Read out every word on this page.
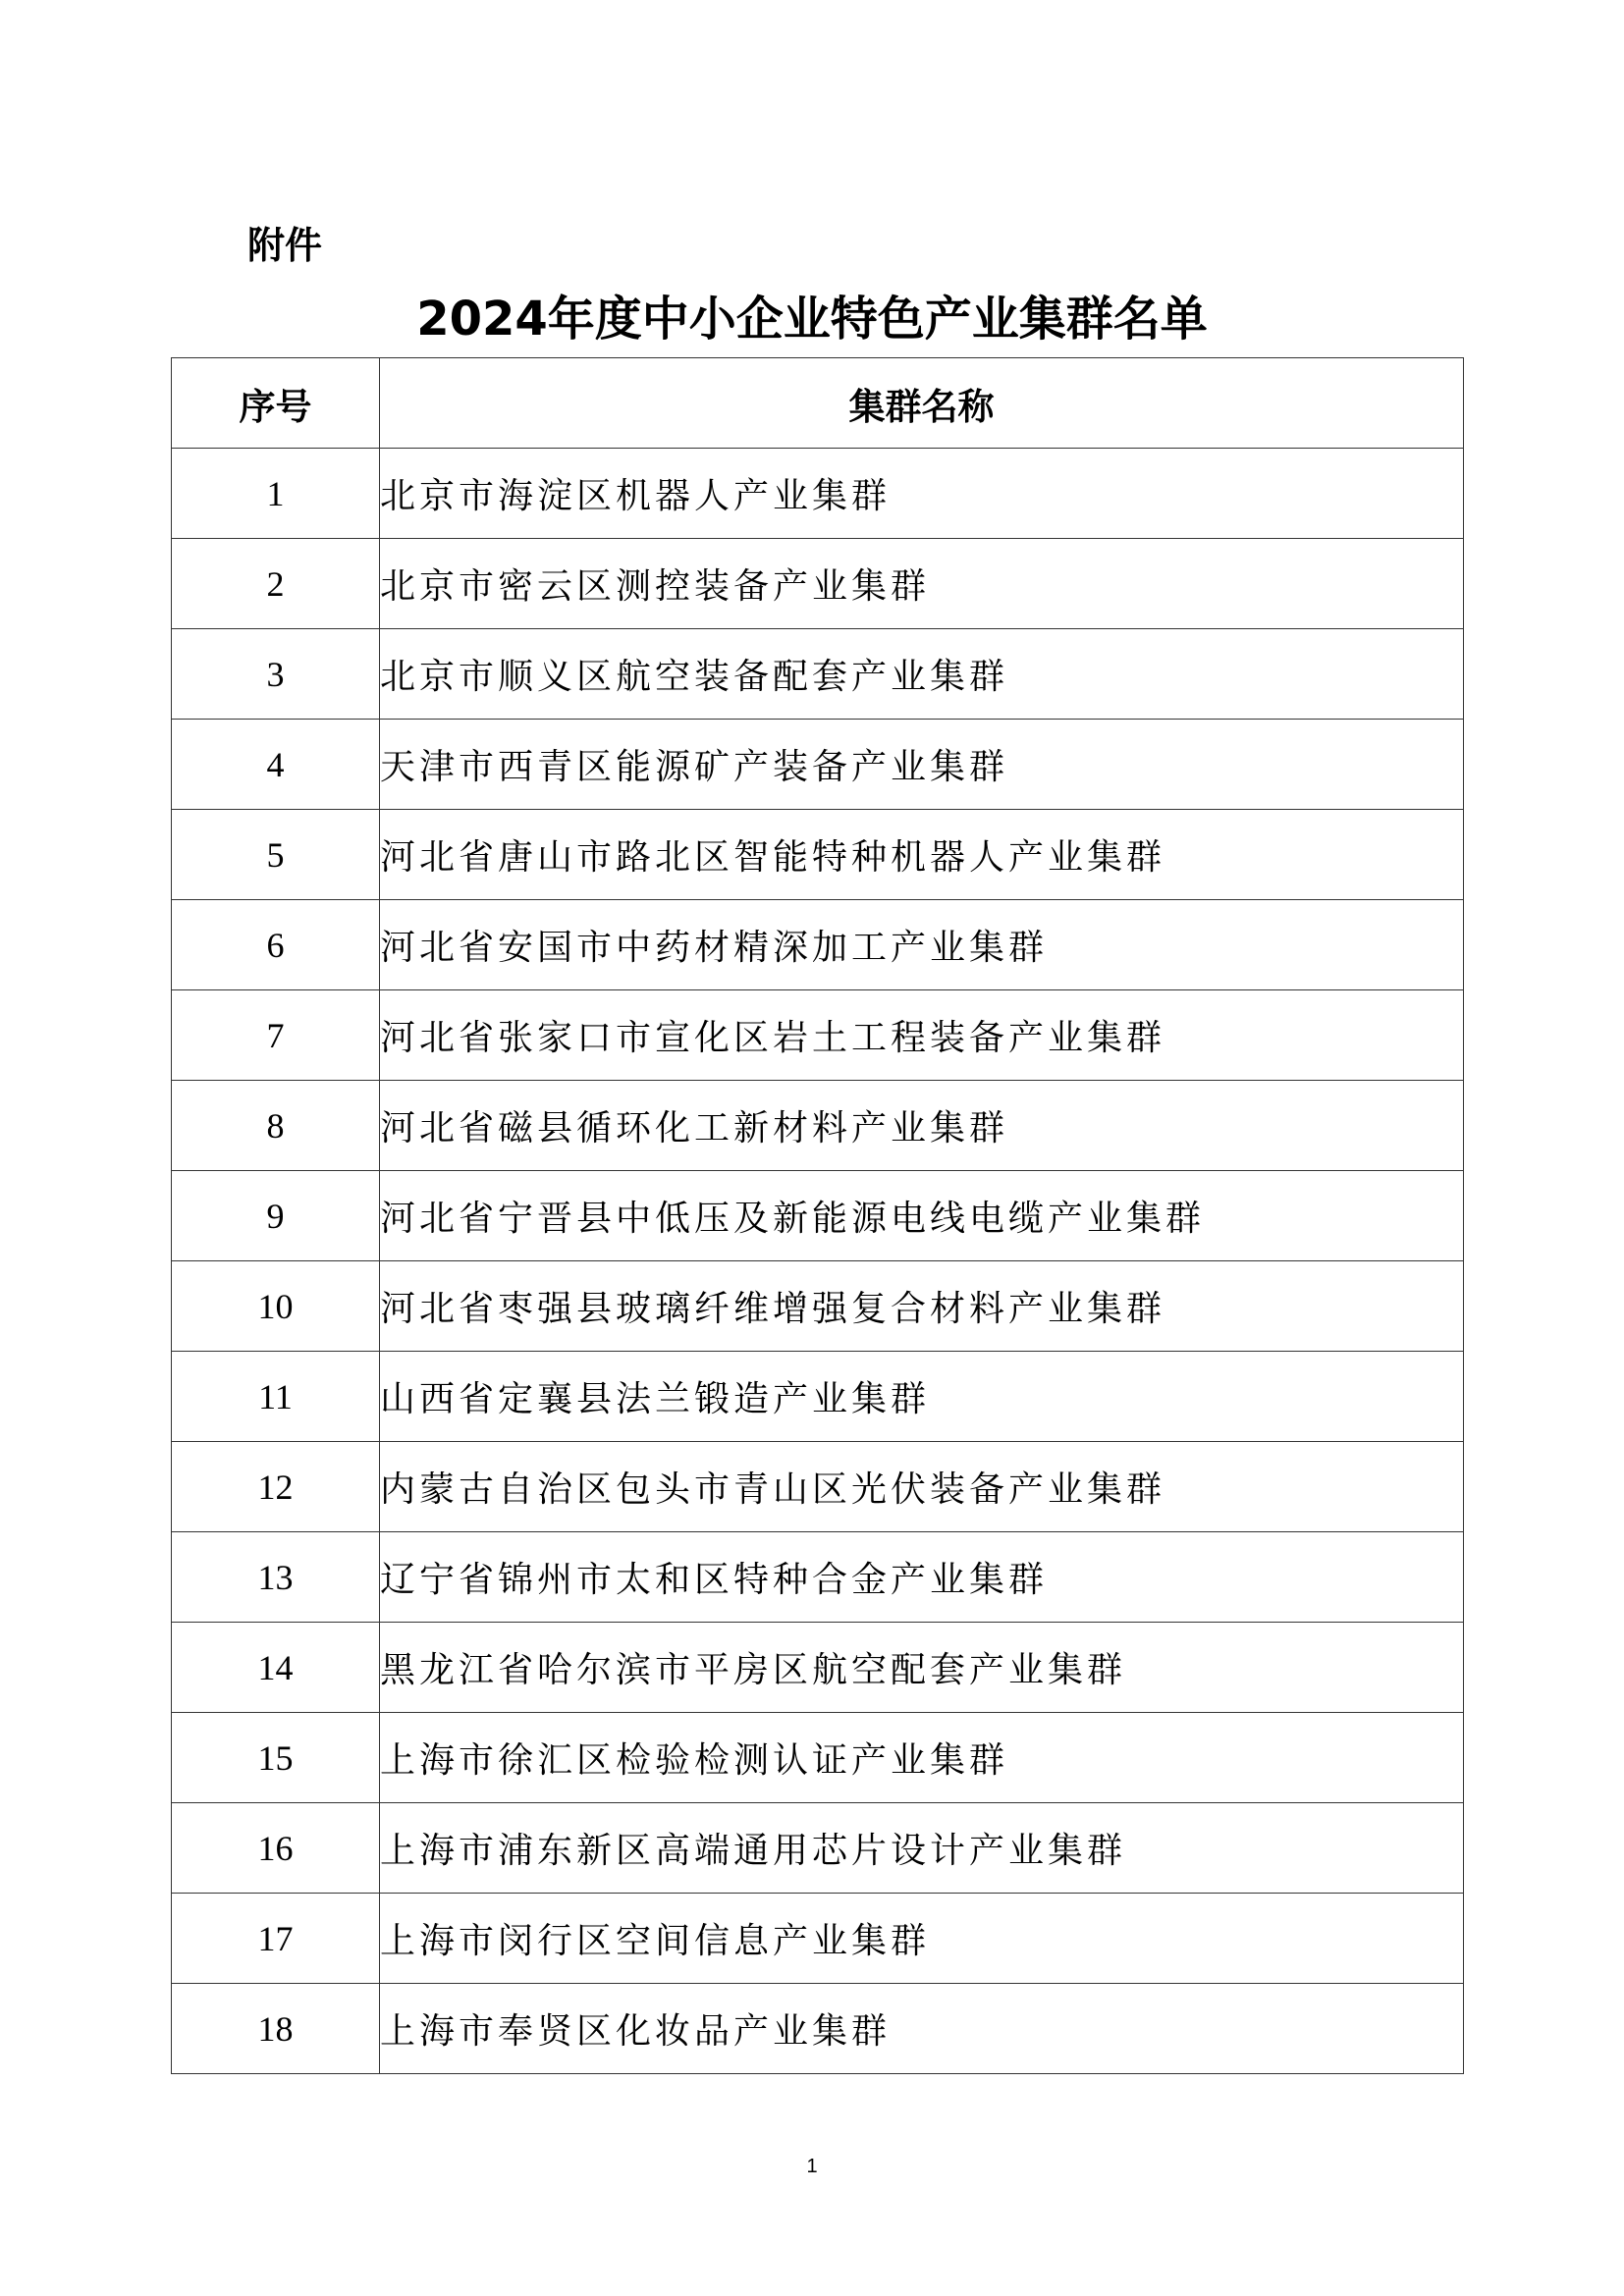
附件
2024年度中小企业特色产业集群名单
序号	集群名称
1	北京市海淀区机器人产业集群
2	北京市密云区测控装备产业集群
3	北京市顺义区航空装备配套产业集群
4	天津市西青区能源矿产装备产业集群
5	河北省唐山市路北区智能特种机器人产业集群
6	河北省安国市中药材精深加工产业集群
7	河北省张家口市宣化区岩土工程装备产业集群
8	河北省磁县循环化工新材料产业集群
9	河北省宁晋县中低压及新能源电线电缆产业集群
10	河北省枣强县玻璃纤维增强复合材料产业集群
11	山西省定襄县法兰锻造产业集群
12	内蒙古自治区包头市青山区光伏装备产业集群
13	辽宁省锦州市太和区特种合金产业集群
14	黑龙江省哈尔滨市平房区航空配套产业集群
15	上海市徐汇区检验检测认证产业集群
16	上海市浦东新区高端通用芯片设计产业集群
17	上海市闵行区空间信息产业集群
18	上海市奉贤区化妆品产业集群
1
